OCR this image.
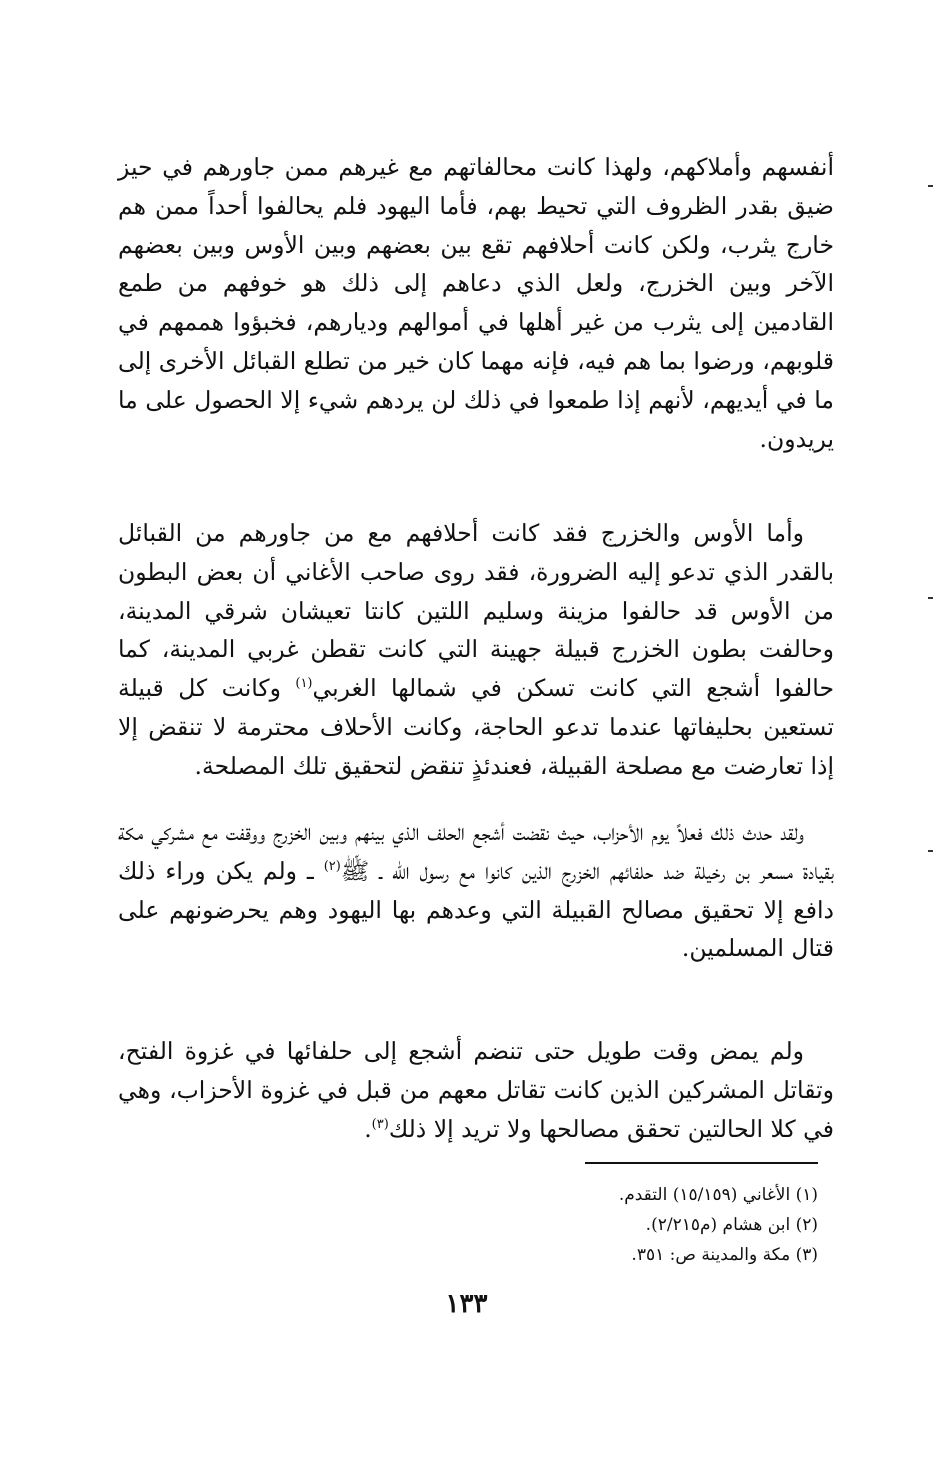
أنفسهم وأملاكهم، ولهذا كانت محالفاتهم مع غيرهم ممن جاورهم في حيز ضيق بقدر الظروف التي تحيط بهم، فأما اليهود فلم يحالفوا أحداً ممن هم خارج يثرب، ولكن كانت أحلافهم تقع بين بعضهم وبين الأوس وبين بعضهم الآخر وبين الخزرج، ولعل الذي دعاهم إلى ذلك هو خوفهم من طمع القادمين إلى يثرب من غير أهلها في أموالهم وديارهم، فخبؤوا هممهم في قلوبهم، ورضوا بما هم فيه، فإنه مهما كان خير من تطلع القبائل الأخرى إلى ما في أيديهم، لأنهم إذا طمعوا في ذلك لن يردهم شيء إلا الحصول على ما يريدون.

وأما الأوس والخزرج فقد كانت أحلافهم مع من جاورهم من القبائل بالقدر الذي تدعو إليه الضرورة، فقد روى صاحب الأغاني أن بعض البطون من الأوس قد حالفوا مزينة وسليم اللتين كانتا تعيشان شرقي المدينة، وحالفت بطون الخزرج قبيلة جهينة التي كانت تقطن غربي المدينة، كما حالفوا أشجع التي كانت تسكن في شمالها الغربي$^{(١)}$ وكانت كل قبيلة تستعين بحليفاتها عندما تدعو الحاجة، وكانت الأحلاف محترمة لا تنقض إلا إذا تعارضت مع مصلحة القبيلة، فعندئذٍ تنقض لتحقيق تلك المصلحة.

ولقد حدث ذلك فعلاً يوم الأحزاب، حيث نقضت أشجع الحلف الذي بينهم وبين الخزرج ووقفت مع مشركي مكة بقيادة مسعر بن رخيلة ضد حلفائهم الخزرج الذين كانوا مع رسول الله ـ ﷺ$^{(٢)}$ ـ ولم يكن وراء ذلك دافع إلا تحقيق مصالح القبيلة التي وعدهم بها اليهود وهم يحرضونهم على قتال المسلمين.

ولم يمض وقت طويل حتى تنضم أشجع إلى حلفائها في غزوة الفتح، وتقاتل المشركين الذين كانت تقاتل معهم من قبل في غزوة الأحزاب، وهي في كلا الحالتين تحقق مصالحها ولا تريد إلا ذلك$^{(٣)}$.

(١) الأغاني (١٥/١٥٩) التقدم.
(٢) ابن هشام (م٢/٢١٥).
(٣) مكة والمدينة ص: ٣٥١.
١٣٣
